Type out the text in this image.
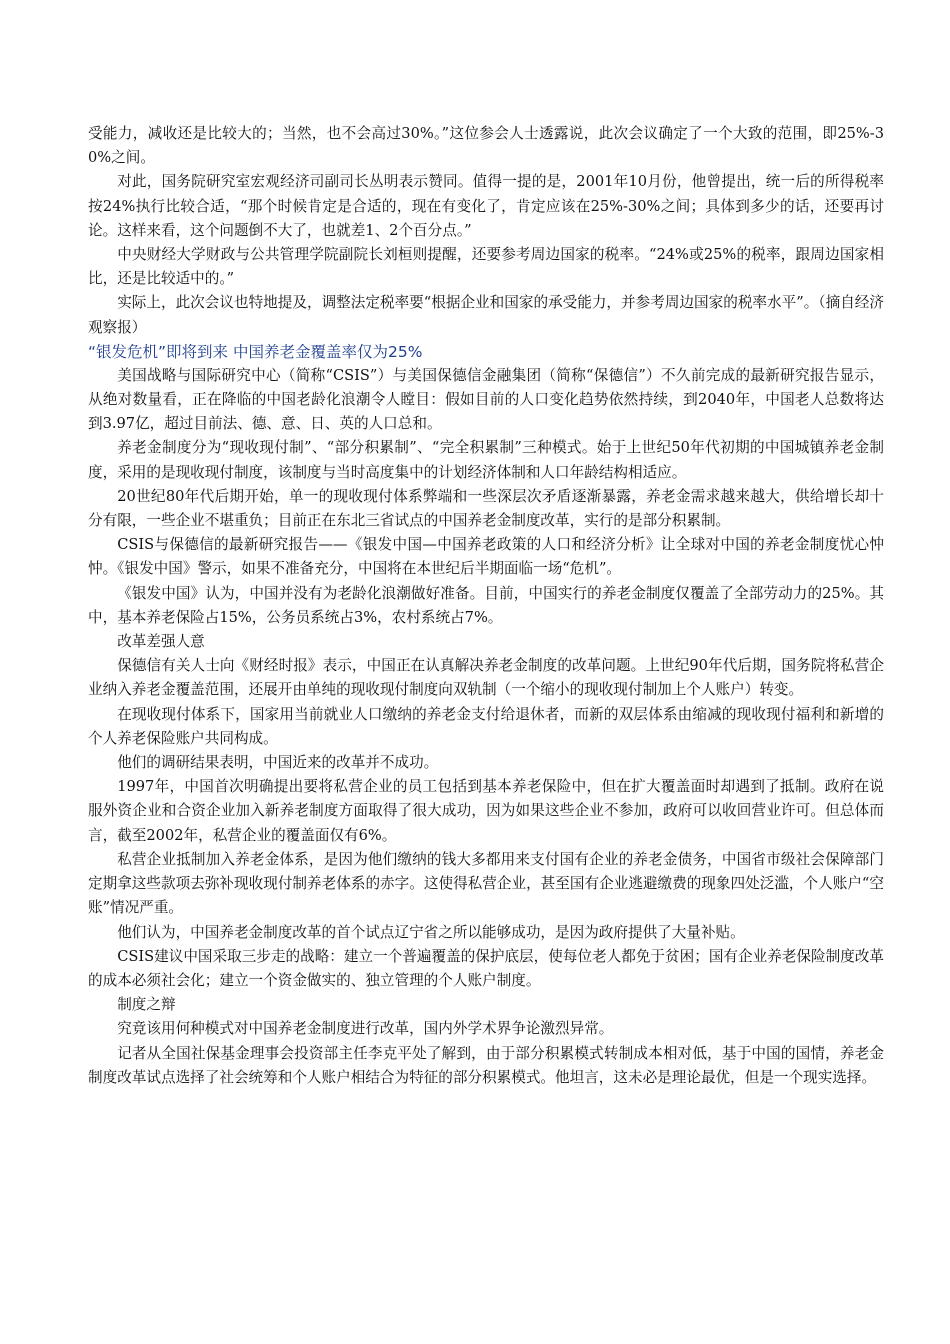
受能力，减收还是比较大的；当然，也不会高过30%。”这位参会人士透露说，此次会议确定了一个大致的范围，即25%-30%之间。

对此，国务院研究室宏观经济司副司长丛明表示赞同。值得一提的是，2001年10月份，他曾提出，统一后的所得税率按24%执行比较合适，“那个时候肯定是合适的，现在有变化了，肯定应该在25%-30%之间；具体到多少的话，还要再讨论。这样来看，这个问题倒不大了，也就差1、2个百分点。”

中央财经大学财政与公共管理学院副院长刘桓则提醒，还要参考周边国家的税率。“24%或25%的税率，跟周边国家相比，还是比较适中的。”

实际上，此次会议也特地提及，调整法定税率要“根据企业和国家的承受能力，并参考周边国家的税率水平”。（摘自经济观察报）

“银发危机”即将到来 中国养老金覆盖率仅为25%

美国战略与国际研究中心（简称“CSIS”）与美国保德信金融集团（简称“保德信”）不久前完成的最新研究报告显示，从绝对数量看，正在降临的中国老龄化浪潮令人瞠目：假如目前的人口变化趋势依然持续，到2040年，中国老人总数将达到3.97亿，超过目前法、德、意、日、英的人口总和。

养老金制度分为“现收现付制”、“部分积累制”、“完全积累制”三种模式。始于上世纪50年代初期的中国城镇养老金制度，采用的是现收现付制度，该制度与当时高度集中的计划经济体制和人口年龄结构相适应。

20世纪80年代后期开始，单一的现收现付体系弊端和一些深层次矛盾逐渐暴露，养老金需求越来越大，供给增长却十分有限，一些企业不堪重负；目前正在东北三省试点的中国养老金制度改革，实行的是部分积累制。

CSIS与保德信的最新研究报告——《银发中国—中国养老政策的人口和经济分析》让全球对中国的养老金制度忧心忡忡。《银发中国》警示，如果不准备充分，中国将在本世纪后半期面临一场“危机”。

《银发中国》认为，中国并没有为老龄化浪潮做好准备。目前，中国实行的养老金制度仅覆盖了全部劳动力的25%。其中，基本养老保险占15%，公务员系统占3%，农村系统占7%。

改革差强人意

保德信有关人士向《财经时报》表示，中国正在认真解决养老金制度的改革问题。上世纪90年代后期，国务院将私营企业纳入养老金覆盖范围，还展开由单纯的现收现付制度向双轨制（一个缩小的现收现付制加上个人账户）转变。

在现收现付体系下，国家用当前就业人口缴纳的养老金支付给退休者，而新的双层体系由缩减的现收现付福利和新增的个人养老保险账户共同构成。

他们的调研结果表明，中国近来的改革并不成功。

1997年，中国首次明确提出要将私营企业的员工包括到基本养老保险中，但在扩大覆盖面时却遇到了抵制。政府在说服外资企业和合资企业加入新养老制度方面取得了很大成功，因为如果这些企业不参加，政府可以收回营业许可。但总体而言，截至2002年，私营企业的覆盖面仅有6%。

私营企业抵制加入养老金体系，是因为他们缴纳的钱大多都用来支付国有企业的养老金债务，中国省市级社会保障部门定期拿这些款项去弥补现收现付制养老体系的赤字。这使得私营企业，甚至国有企业逃避缴费的现象四处泛滥，个人账户“空账”情况严重。

他们认为，中国养老金制度改革的首个试点辽宁省之所以能够成功，是因为政府提供了大量补贴。

CSIS建议中国采取三步走的战略：建立一个普遍覆盖的保护底层，使每位老人都免于贫困；国有企业养老保险制度改革的成本必须社会化；建立一个资金做实的、独立管理的个人账户制度。

制度之辩

究竟该用何种模式对中国养老金制度进行改革，国内外学术界争论激烈异常。

记者从全国社保基金理事会投资部主任李克平处了解到，由于部分积累模式转制成本相对低，基于中国的国情，养老金制度改革试点选择了社会统筹和个人账户相结合为特征的部分积累模式。他坦言，这未必是理论最优，但是一个现实选择。
